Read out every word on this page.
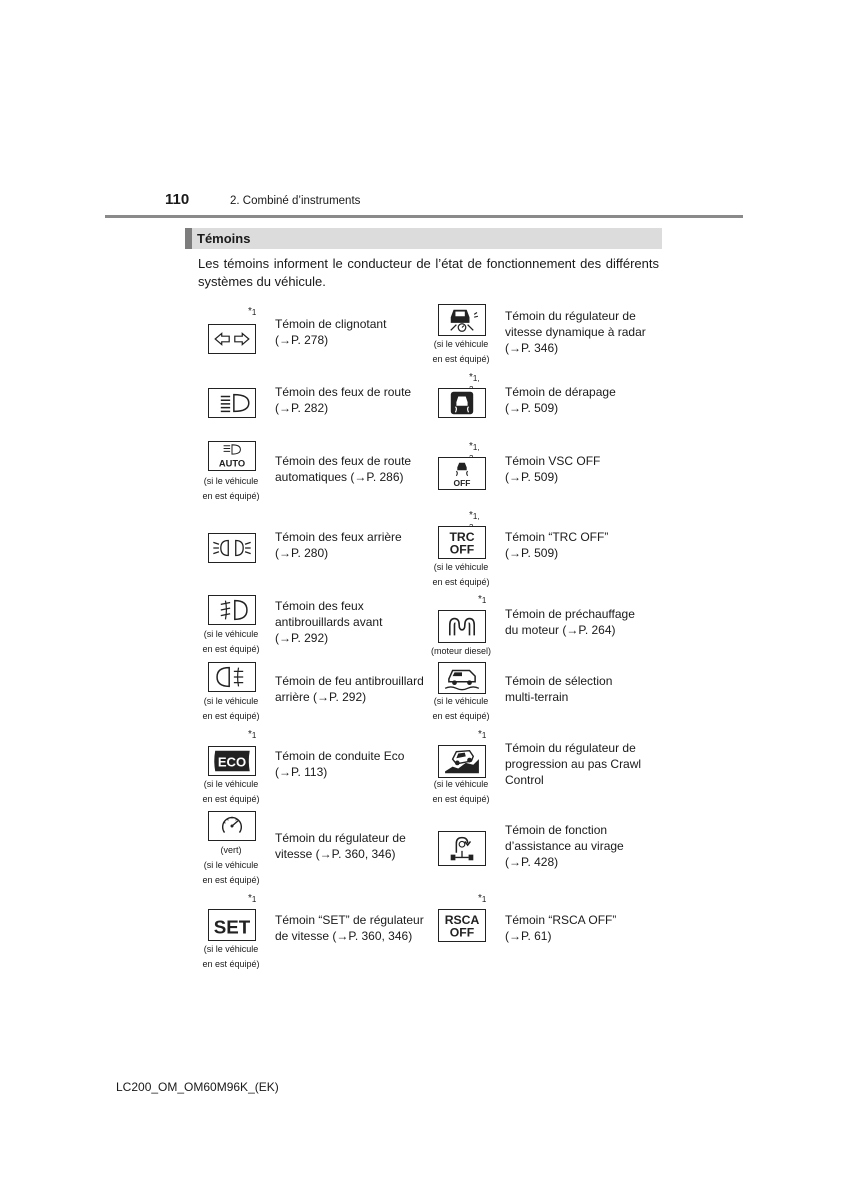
110	2. Combiné d’instruments
Témoins
Les témoins informent le conducteur de l’état de fonctionnement des différents systèmes du véhicule.
$*_1$
Témoin de clignotant
(→P. 278)
Témoin des feux de route
(→P. 282)
AUTO
(si le véhicule
en est équipé)
Témoin des feux de route
automatiques (→P. 286)
Témoin des feux arrière
(→P. 280)
(si le véhicule
en est équipé)
Témoin des feux
antibrouillards avant
(→P. 292)
(si le véhicule
en est équipé)
Témoin de feu antibrouillard
arrière (→P. 292)
$*_1$
ECO
(si le véhicule
en est équipé)
Témoin de conduite Eco
(→P. 113)
(vert)
(si le véhicule
en est équipé)
Témoin du régulateur de
vitesse (→P. 360, 346)
$*_1$
SET
(si le véhicule
en est équipé)
Témoin “SET” de régulateur
de vitesse (→P. 360, 346)
(si le véhicule
en est équipé)
Témoin du régulateur de
vitesse dynamique à radar
(→P. 346)
$*_{1,}$
Témoin de dérapage
(→P. 509)
$*_{1,}$
OFF
Témoin VSC OFF
(→P. 509)
$*_{1,}$
TRC
OFF
(si le véhicule
en est équipé)
Témoin “TRC OFF”
(→P. 509)
$*_1$
(moteur diesel)
Témoin de préchauffage
du moteur (→P. 264)
(si le véhicule
en est équipé)
Témoin de sélection
multi-terrain
$*_1$
(si le véhicule
en est équipé)
Témoin du régulateur de
progression au pas Crawl
Control
Témoin de fonction
d’assistance au virage
(→P. 428)
$*_1$
RSCA
OFF
Témoin “RSCA OFF”
(→P. 61)
LC200_OM_OM60M96K_(EK)
